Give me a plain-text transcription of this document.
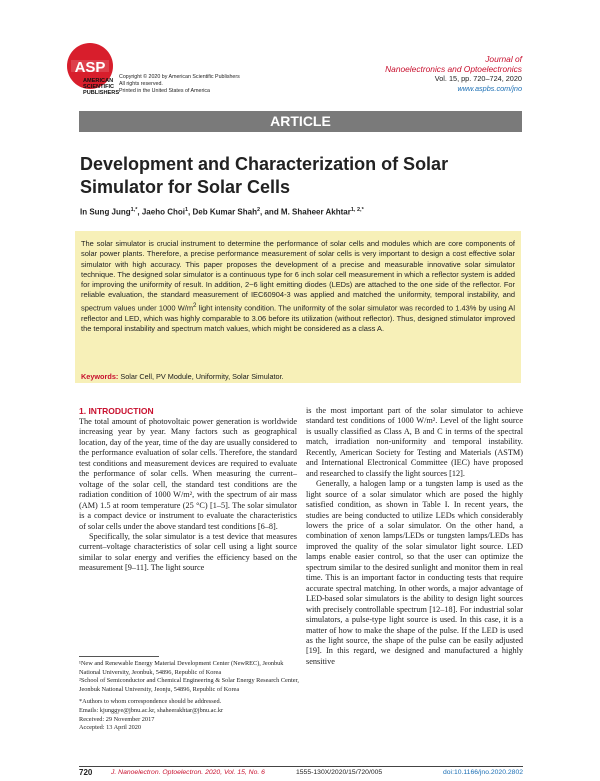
ASP
AMERICAN
SCIENTIFIC
PUBLISHERS
Copyright © 2020 by American Scientific Publishers
All rights reserved.
Printed in the United States of America
Journal of
Nanoelectronics and Optoelectronics
Vol. 15, pp. 720–724, 2020
www.aspbs.com/jno
ARTICLE
Development and Characterization of Solar
Simulator for Solar Cells
In Sung Jung$^{1,*}$, Jaeho Choi$^1$, Deb Kumar Shah$^2$, and M. Shaheer Akhtar$^{1, 2,*}$

The solar simulator is crucial instrument to determine the performance of solar cells and modules which are core components of solar power plants. Therefore, a precise performance measurement of solar cells is very important to design a cost effective solar simulator with high accuracy. This paper proposes the development of a precise and measurable innovative solar simulator technique. The designed solar simulator is a continuous type for 6 inch solar cell measurement in which a reflector system is added for improving the uniformity of result. In addition, 2~6 light emitting diodes (LEDs) are attached to the one side of the reflector. For reliable evaluation, the standard measurement of IEC60904-3 was applied and matched the uniformity, temporal instability, and spectrum values under 1000 $W/m^2$ light intensity condition. The uniformity of the solar simulator was recorded to 1.43% by using Al reflector and LED, which was highly comparable to 3.06 before its utilization (without reflector). Thus, designed stimulator improved the temporal instability and spectrum match values, which might be considered as a class A.

Keywords: Solar Cell, PV Module, Uniformity, Solar Simulator.
1. INTRODUCTION

The total amount of photovoltaic power generation is worldwide increasing year by year. Many factors such as geographical location, day of the year, time of the day are usually considered to the performance evaluation of solar cells. Therefore, the standard test conditions and measurement devices are required to evaluate the performance of solar cells. When measuring the current–voltage of the solar cell, the standard test conditions are the radiation condition of 1000 W/m², with the spectrum of air mass (AM) 1.5 at room temperature (25 °C) [1–5]. The solar simulator is a compact device or instrument to evaluate the characteristics of solar cells under the above standard test conditions [6–8].

Specifically, the solar simulator is a test device that measures current–voltage characteristics of solar cell using a light source similar to solar energy and verifies the efficiency based on the measurement [9–11]. The light source

is the most important part of the solar simulator to achieve standard test conditions of 1000 W/m². Level of the light source is usually classified as Class A, B and C in terms of the spectral match, irradiation non-uniformity and temporal instability. Recently, American Society for Testing and Materials (ASTM) and International Electronical Committee (IEC) have proposed and researched to classify the light sources [12].

Generally, a halogen lamp or a tungsten lamp is used as the light source of a solar simulator which are posed the highly satisfied condition, as shown in Table I. In recent years, the studies are being conducted to utilize LEDs which considerably lowers the price of a solar simulator. On the other hand, a combination of xenon lamps/LEDs or tungsten lamps/LEDs has improved the quality of the solar simulator light source. LED lamps enable easier control, so that the user can optimize the spectrum similar to the desired sunlight and monitor them in real time. This is an important factor in conducting tests that require accurate spectral matching. In other words, a major advantage of LED-based solar simulators is the ability to design light sources with precisely controllable spectrum [12–18]. For industrial solar simulators, a pulse-type light source is used. In this case, it is a matter of how to make the shape of the pulse. If the LED is used as the light source, the shape of the pulse can be easily adjusted [19]. In this regard, we designed and manufactured a highly sensitive

¹New and Renewable Energy Material Development Center (NewREC), Jeonbuk National University, Jeonbuk, 54896, Republic of Korea

²School of Semiconductor and Chemical Engineering & Solar Energy Research Center, Jeonbuk National University, Jeonju, 54896, Republic of Korea

*Authors to whom correspondence should be addressed.

Emails: kjunggye@jbnu.ac.kr, shaheerakhtar@jbnu.ac.kr

Received: 29 November 2017

Accepted: 13 April 2020

720	J. Nanoelectron. Optoelectron. 2020, Vol. 15, No. 6	1555-130X/2020/15/720/005	doi:10.1166/jno.2020.2802
